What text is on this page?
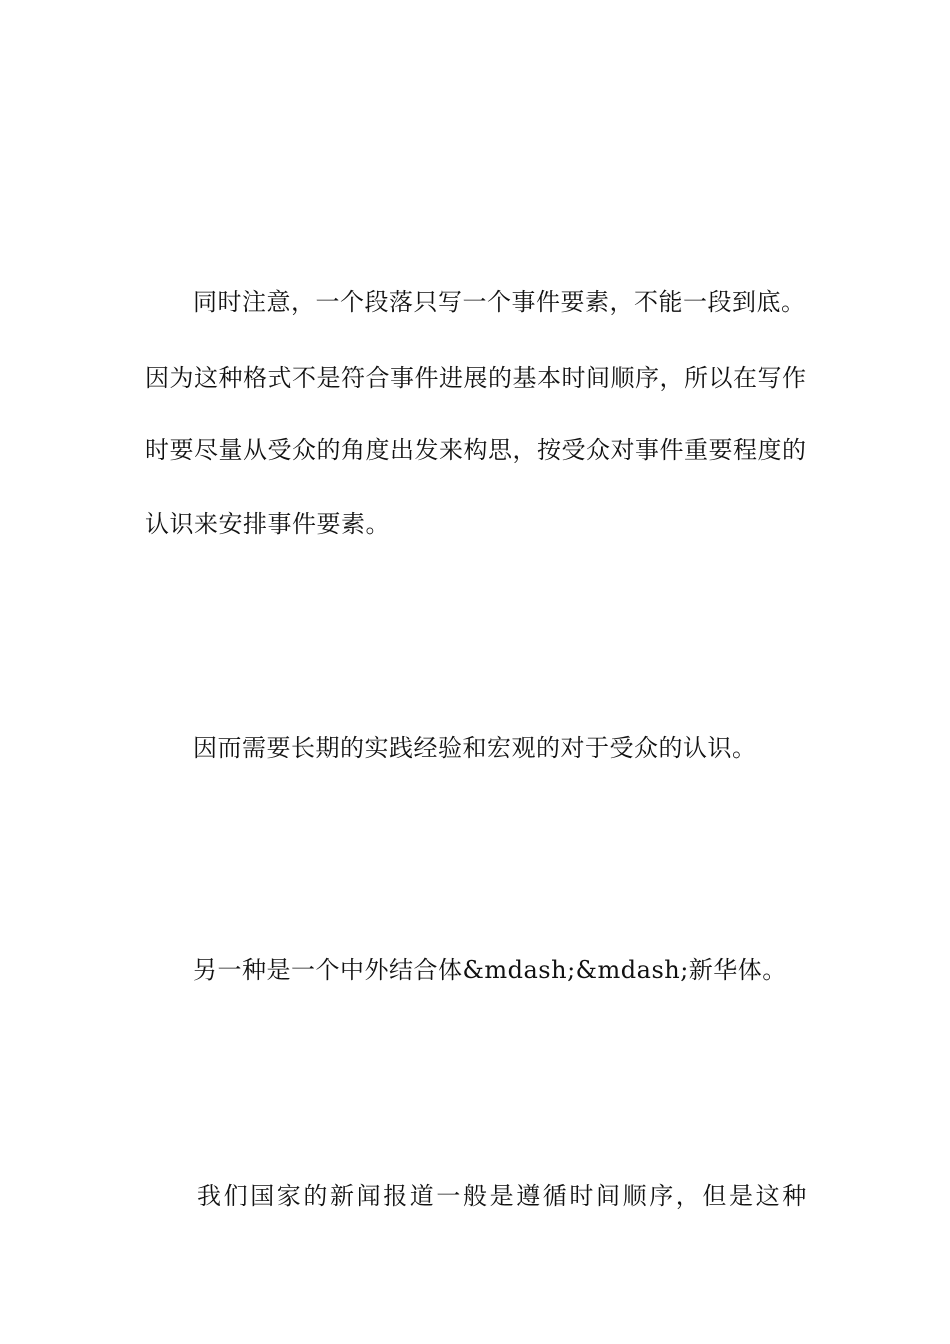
同时注意，一个段落只写一个事件要素，不能一段到底。
因为这种格式不是符合事件进展的基本时间顺序，所以在写作
时要尽量从受众的角度出发来构思，按受众对事件重要程度的
认识来安排事件要素。
因而需要长期的实践经验和宏观的对于受众的认识。
另一种是一个中外结合体&mdash;&mdash;新华体。
我们国家的新闻报道一般是遵循时间顺序，但是这种
